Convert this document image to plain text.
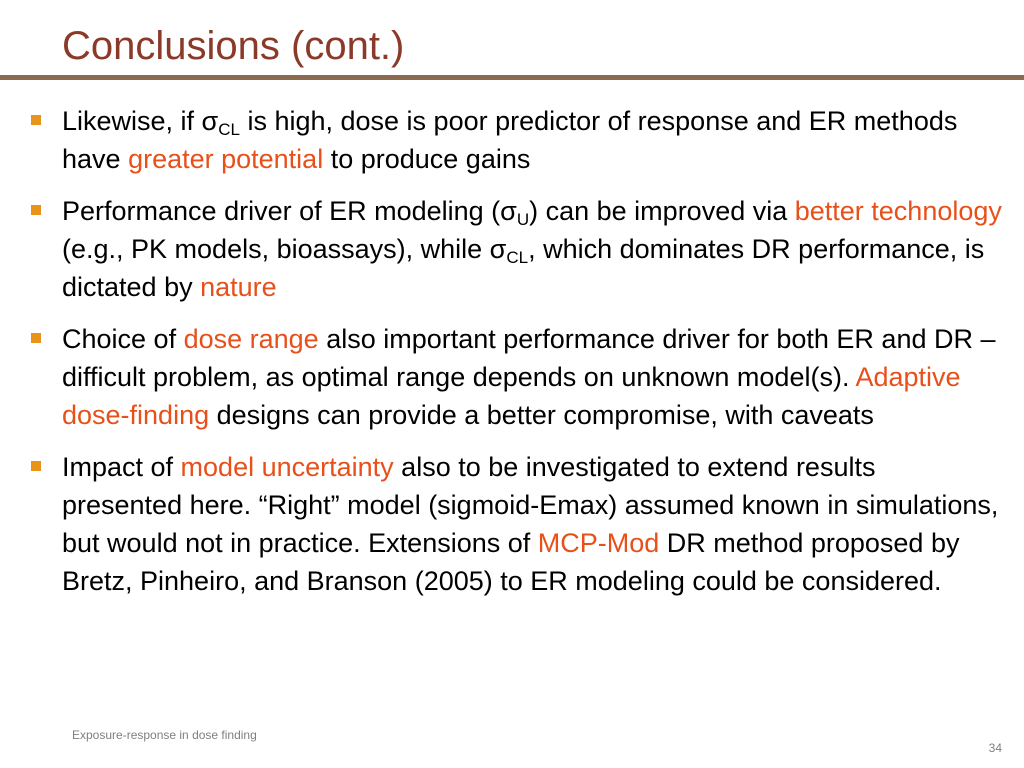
Conclusions (cont.)
Likewise, if $\sigma_{CL}$ is high, dose is poor predictor of response and ER methods have greater potential to produce gains
Performance driver of ER modeling $(\sigma_U)$ can be improved via better technology (e.g., PK models, bioassays), while $\sigma_{CL}$, which dominates DR performance, is dictated by nature
Choice of dose range also important performance driver for both ER and DR – difficult problem, as optimal range depends on unknown model(s). Adaptive dose-finding designs can provide a better compromise, with caveats
Impact of model uncertainty also to be investigated to extend results presented here. “Right” model (sigmoid-Emax) assumed known in simulations, but would not in practice. Extensions of MCP-Mod DR method proposed by Bretz, Pinheiro, and Branson (2005) to ER modeling could be considered.
Exposure-response in dose finding
34
